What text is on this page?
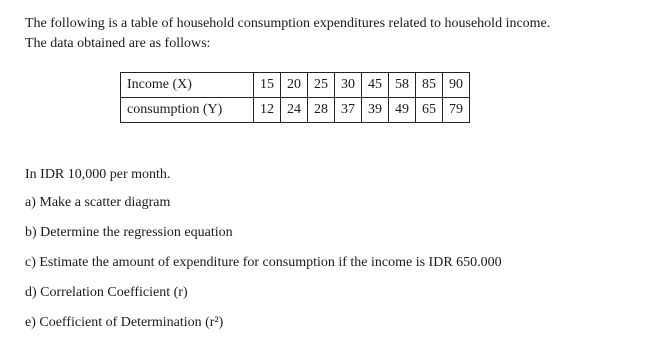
The following is a table of household consumption expenditures related to household income.

The data obtained are as follows:

Income (X)	15	20	25	30	45	58	85	90
consumption (Y)	12	24	28	37	39	49	65	79
In IDR 10,000 per month.

a) Make a scatter diagram

b) Determine the regression equation

c) Estimate the amount of expenditure for consumption if the income is IDR 650.000

d) Correlation Coefficient (r)

e) Coefficient of Determination (r²)
